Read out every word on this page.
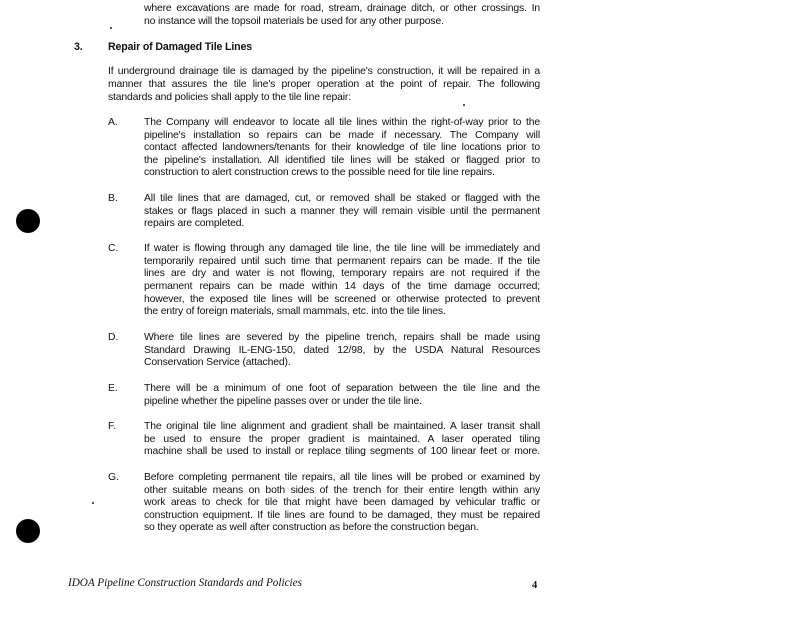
where excavations are made for road, stream, drainage ditch, or other crossings. In

no instance will the topsoil materials be used for any other purpose.

3. Repair of Damaged Tile Lines

If underground drainage tile is damaged by the pipeline's construction, it will be repaired in a

manner that assures the tile line's proper operation at the point of repair. The following

standards and policies shall apply to the tile line repair:

A.	The Company will endeavor to locate all tile lines within the right-of-way prior to the

pipeline's installation so repairs can be made if necessary. The Company will

contact affected landowners/tenants for their knowledge of tile line locations prior to

the pipeline's installation. All identified tile lines will be staked or flagged prior to

construction to alert construction crews to the possible need for tile line repairs.

B.	All tile lines that are damaged, cut, or removed shall be staked or flagged with the

stakes or flags placed in such a manner they will remain visible until the permanent

repairs are completed.

C. If water is flowing through any damaged tile line, the tile line will be immediately and

temporarily repaired until such time that permanent repairs can be made. If the tile

lines are dry and water is not flowing, temporary repairs are not required if the

permanent repairs can be made within 14 days of the time damage occurred;

however, the exposed tile lines will be screened or otherwise protected to prevent

the entry of foreign materials, small mammals, etc. into the tile lines.

D. Where tile lines are severed by the pipeline trench, repairs shall be made using

Standard Drawing IL-ENG-150, dated 12/98, by the USDA Natural Resources

Conservation Service (attached).

E.	There will be a minimum of one foot of separation between the tile line and the

pipeline whether the pipeline passes over or under the tile line.

F.	The original tile line alignment and gradient shall be maintained. A laser transit shall

be used to ensure the proper gradient is maintained. A laser operated tiling

machine shall be used to install or replace tiling segments of 100 linear feet or more.

G. Before completing permanent tile repairs, all tile lines will be probed or examined by

other suitable means on both sides of the trench for their entire length within any

work areas to check for tile that might have been damaged by vehicular traffic or

construction equipment. If tile lines are found to be damaged, they must be repaired

so they operate as well after construction as before the construction began.

IDOA Pipeline Construction Standards and Policies	4
